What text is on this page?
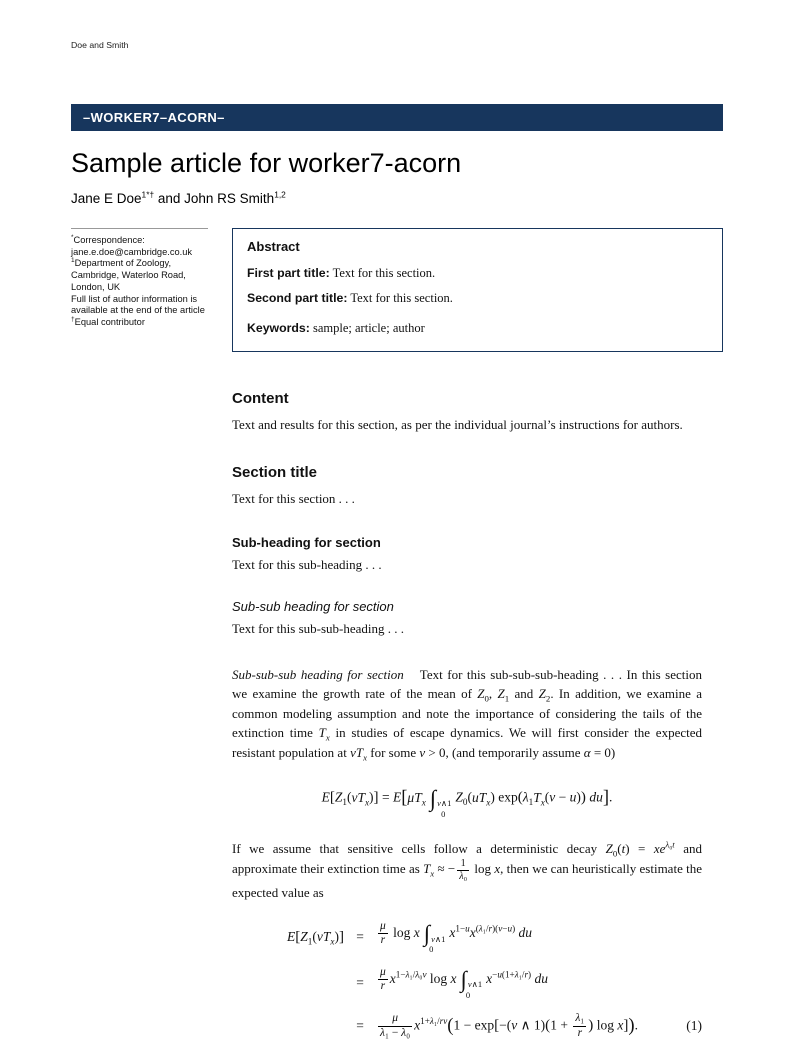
Doe and Smith
–WORKER7–ACORN–
Sample article for worker7-acorn
Jane E Doe$^{1*\dagger}$ and John RS Smith$^{1,2}$

*Correspondence:

jane.e.doe@cambridge.co.uk

$^1$Department of Zoology,
Cambridge, Waterloo Road,
London, UK

Full list of author information is
available at the end of the article

†Equal contributor

Abstract

First part title: Text for this section.

Second part title: Text for this section.

Keywords: sample; article; author

Content

Text and results for this section, as per the individual journal’s instructions for authors.

Section title

Text for this section . . .

Sub-heading for section

Text for this sub-heading . . .

Sub-sub heading for section

Text for this sub-sub-heading . . .

Sub-sub-sub heading for section Text for this sub-sub-sub-heading . . . In this section we examine the growth rate of the mean of $Z_0$, $Z_1$ and $Z_2$. In addition, we examine a common modeling assumption and note the importance of considering the tails of the extinction time $T_x$ in studies of escape dynamics. We will first consider the expected resistant population at $vT_x$ for some v > 0, (and temporarily assume α = 0)

$E[Z_1(vT_x)] = E[\mu T_x$ ∫ v∧1
0
$Z_0(uT_x) \exp(\lambda_1T_x(v - u))$ du].

If we assume that sensitive cells follow a deterministic decay $Z_0(t) = xe^{\lambda_0t}$ and approximate their extinction time as $T_x$ ≈ − $\frac{1}{\text{λ₀}}$ log x, then we can heuristically estimate the expected value as

$E[Z_1(vT_x)]$ =	$\frac{\mu}{r}$ log x ∫ v∧1
0
$x^{1-u}x^{(\lambda_1/r)(v-u)}$ du
=	$\frac{\mu}{r} x^{1-\lambda_1/\lambda_0v}$ log x ∫ v∧1
0
$x^{-u(1+\lambda_1/r)}$ du
=	$\frac{\mu}{\text{λ₁ − λ₀}} x^{1+\lambda_1/rv}(1 - \exp[-(v$ ∧ $1)(1 + \frac{\text{λ₁}}{r}$ ) log x]).	(1)
